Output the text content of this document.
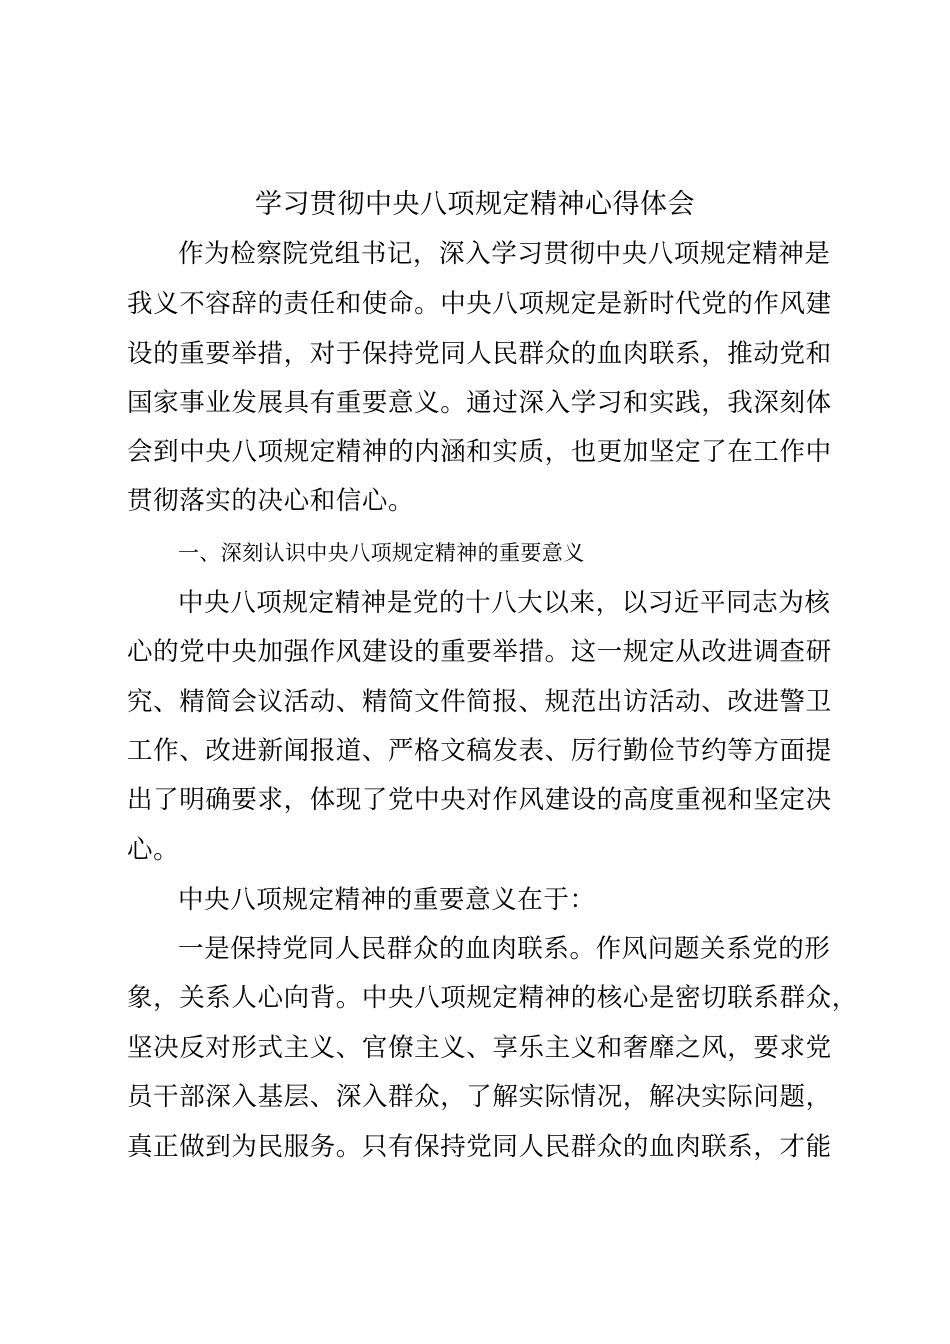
学习贯彻中央八项规定精神心得体会
作为检察院党组书记，深入学习贯彻中央八项规定精神是
我义不容辞的责任和使命。中央八项规定是新时代党的作风建
设的重要举措，对于保持党同人民群众的血肉联系，推动党和
国家事业发展具有重要意义。通过深入学习和实践，我深刻体
会到中央八项规定精神的内涵和实质，也更加坚定了在工作中
贯彻落实的决心和信心。
一、深刻认识中央八项规定精神的重要意义
中央八项规定精神是党的十八大以来，以习近平同志为核
心的党中央加强作风建设的重要举措。这一规定从改进调查研
究、精简会议活动、精简文件简报、规范出访活动、改进警卫
工作、改进新闻报道、严格文稿发表、厉行勤俭节约等方面提
出了明确要求，体现了党中央对作风建设的高度重视和坚定决
心。
中央八项规定精神的重要意义在于：
一是保持党同人民群众的血肉联系。作风问题关系党的形
象，关系人心向背。中央八项规定精神的核心是密切联系群众，
坚决反对形式主义、官僚主义、享乐主义和奢靡之风，要求党
员干部深入基层、深入群众，了解实际情况，解决实际问题，
真正做到为民服务。只有保持党同人民群众的血肉联系，才能
